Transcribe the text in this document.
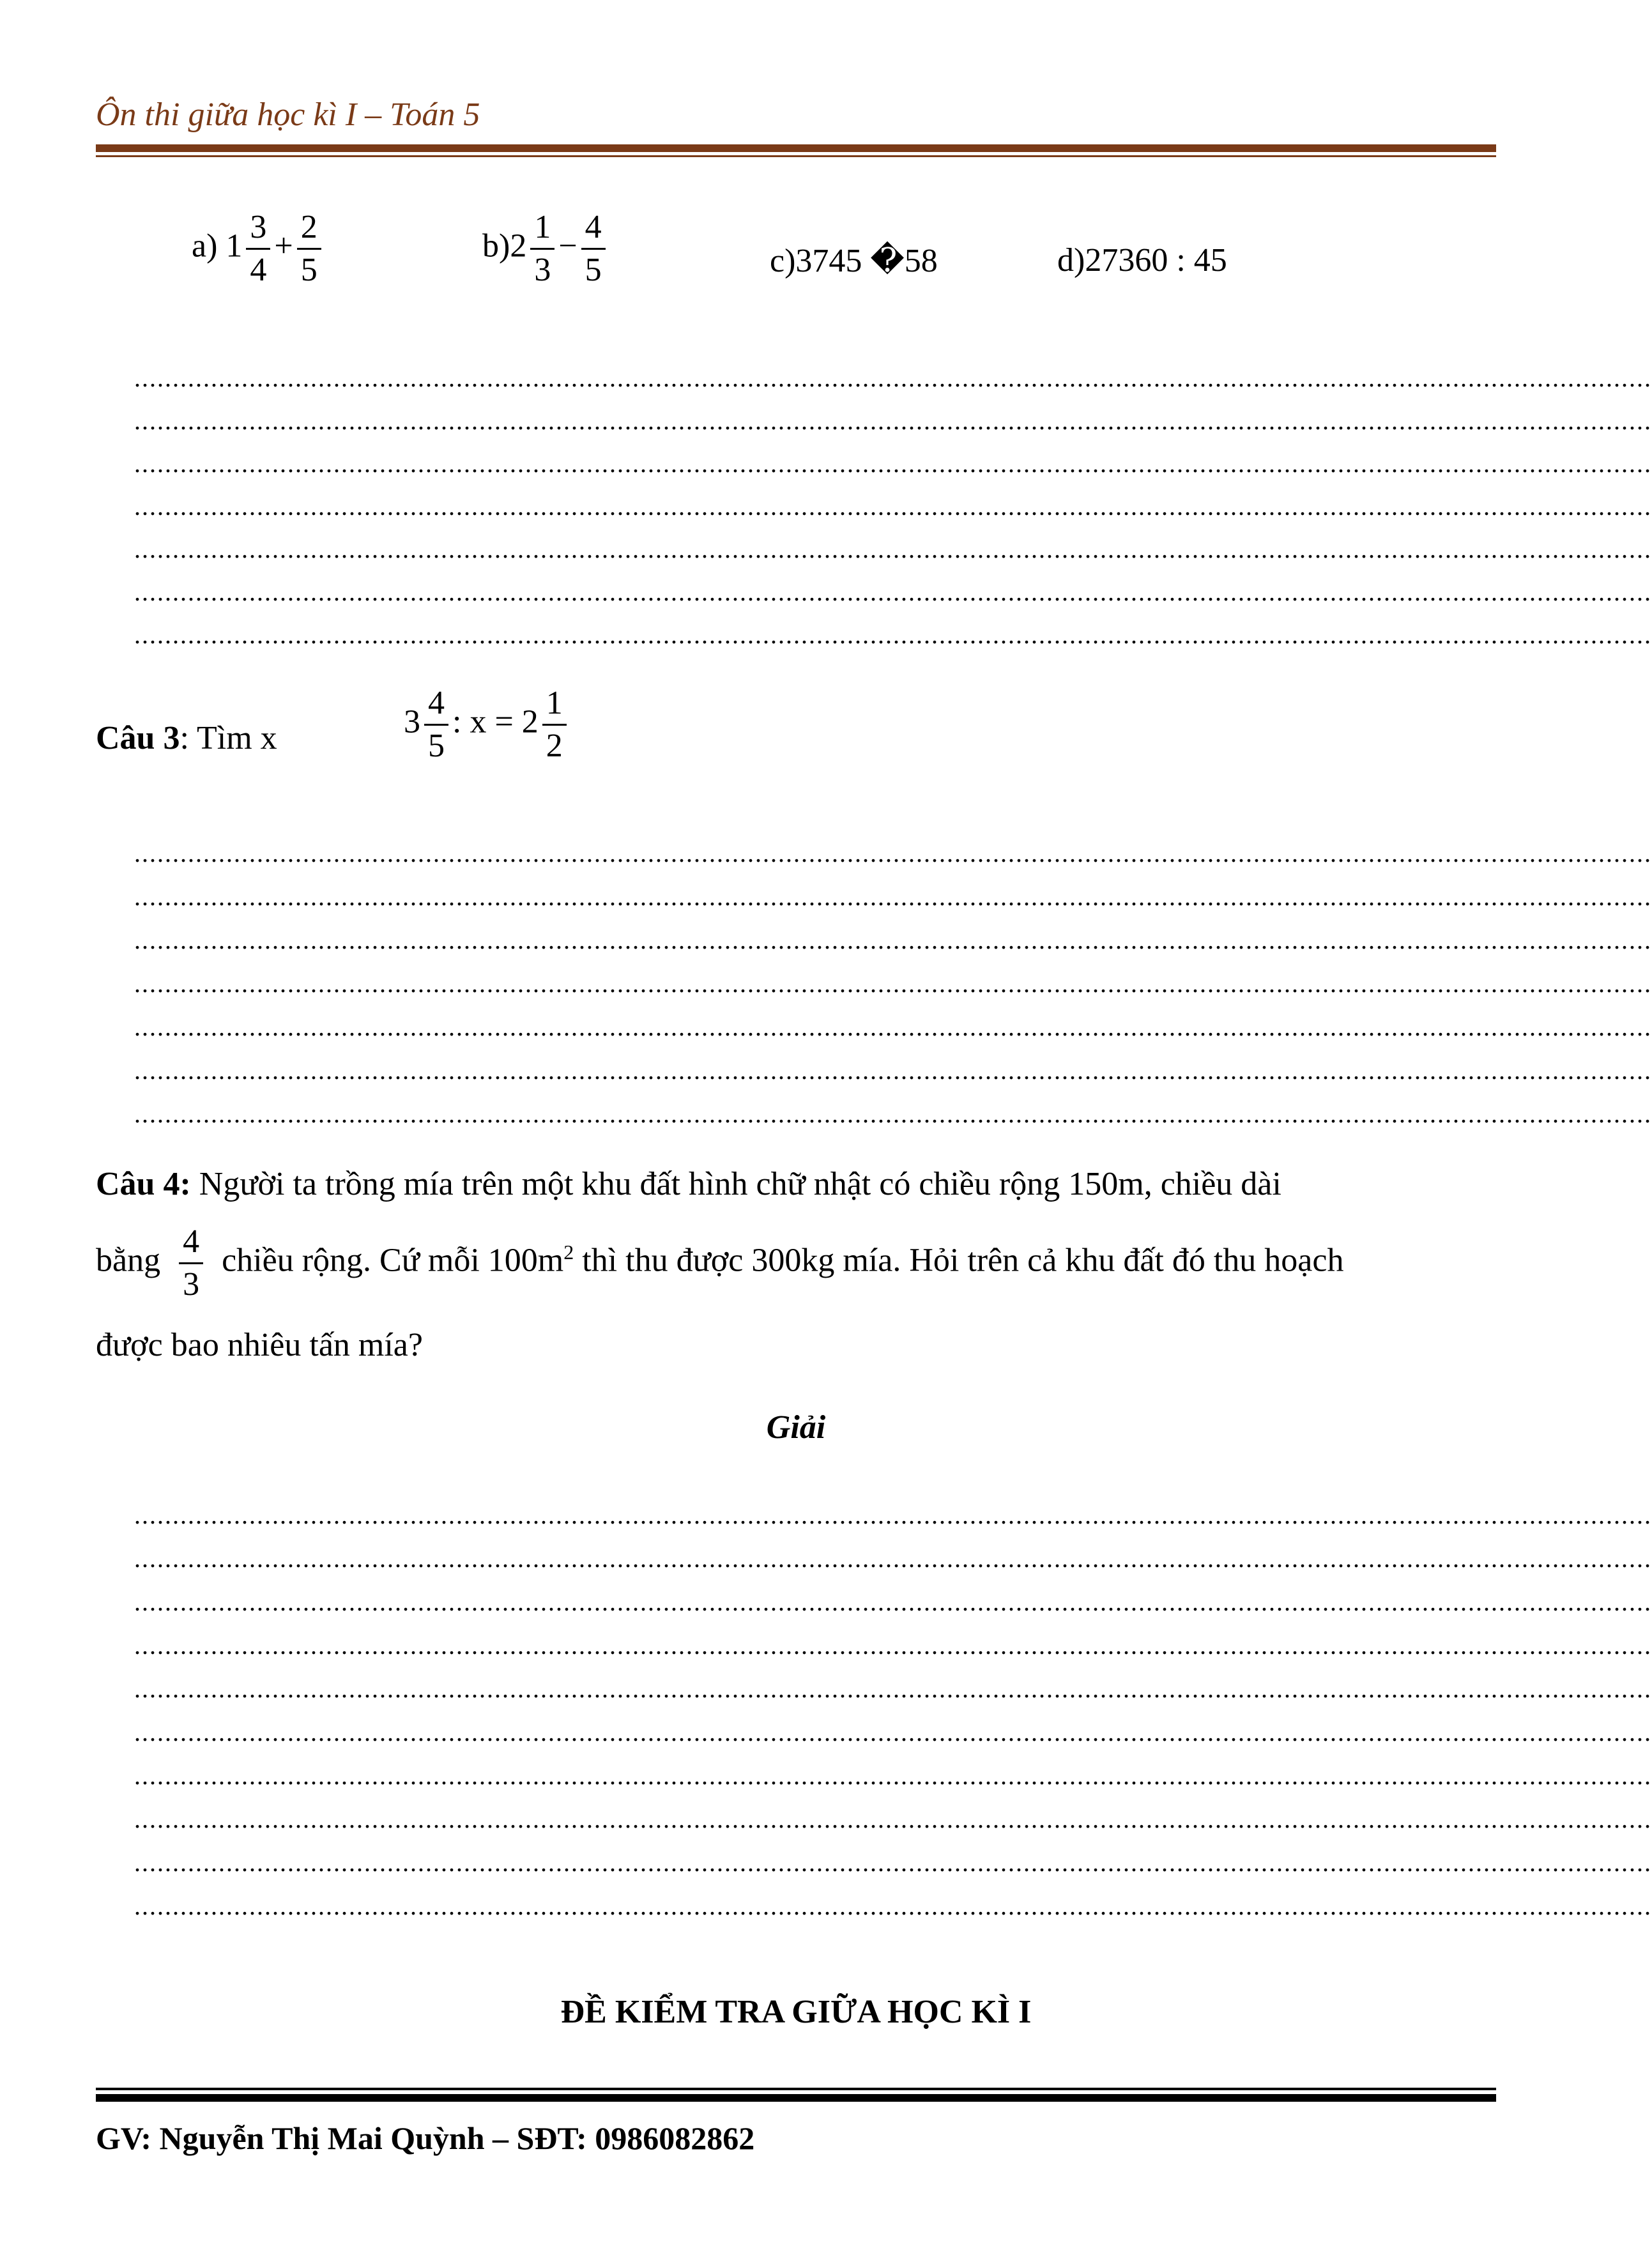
Ôn thi giữa học kì I – Toán 5
a) $1 \frac{3}{4} + \frac{2}{5}$	$b)2 \frac{1}{3} - \frac{4}{5}$	c)3745 �58	d)27360 : 45
......................................................................................................................................................................................................
......................................................................................................................................................................................................
......................................................................................................................................................................................................
......................................................................................................................................................................................................
......................................................................................................................................................................................................
......................................................................................................................................................................................................
......................................................................................................................................................................................................
Câu 3: Tìm x	$3 \frac{4}{5}$ : $x = 2 \frac{1}{2}$
......................................................................................................................................................................................................
......................................................................................................................................................................................................
......................................................................................................................................................................................................
......................................................................................................................................................................................................
......................................................................................................................................................................................................
......................................................................................................................................................................................................
......................................................................................................................................................................................................
Câu 4: Người ta trồng mía trên một khu đất hình chữ nhật có chiều rộng 150m, chiều dài
bằng $\frac{4}{3}$ chiều rộng. Cứ mỗi $100m^2$ thì thu được 300kg mía. Hỏi trên cả khu đất đó thu hoạch
được bao nhiêu tấn mía?
Giải
......................................................................................................................................................................................................
......................................................................................................................................................................................................
......................................................................................................................................................................................................
......................................................................................................................................................................................................
......................................................................................................................................................................................................
......................................................................................................................................................................................................
......................................................................................................................................................................................................
......................................................................................................................................................................................................
......................................................................................................................................................................................................
......................................................................................................................................................................................................
ĐỀ KIỂM TRA GIỮA HỌC KÌ I
GV: Nguyễn Thị Mai Quỳnh – SĐT: 0986082862
